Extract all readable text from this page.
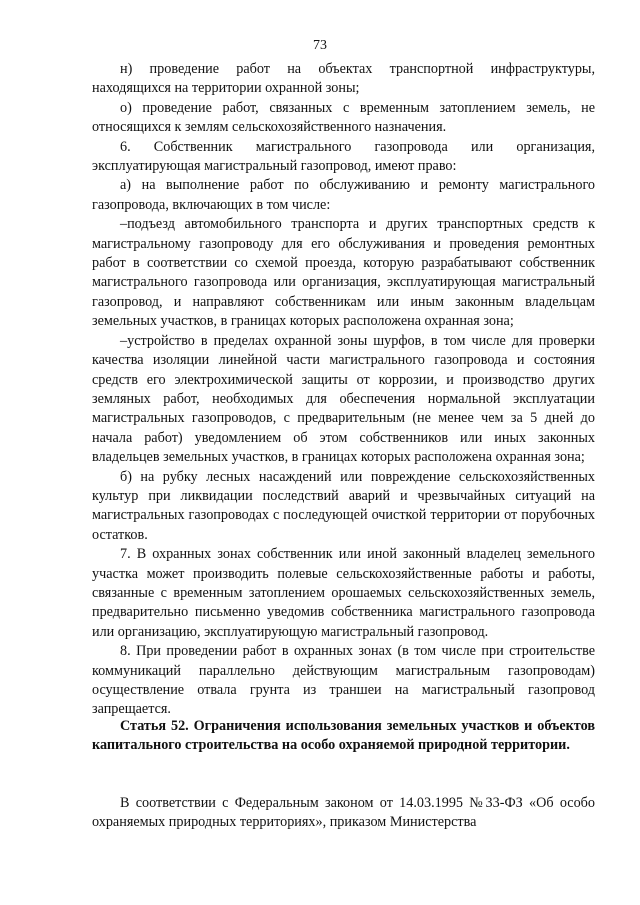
73

н) проведение работ на объектах транспортной инфраструктуры, находящихся на территории охранной зоны;

о) проведение работ, связанных с временным затоплением земель, не относящихся к землям сельскохозяйственного назначения.

6. Собственник магистрального газопровода или организация, эксплуатирующая магистральный газопровод, имеют право:

а) на выполнение работ по обслуживанию и ремонту магистрального газопровода, включающих в том числе:

–подъезд автомобильного транспорта и других транспортных средств к магистральному газопроводу для его обслуживания и проведения ремонтных работ в соответствии со схемой проезда, которую разрабатывают собственник магистрального газопровода или организация, эксплуатирующая магистральный газопровод, и направляют собственникам или иным законным владельцам земельных участков, в границах которых расположена охранная зона;

–устройство в пределах охранной зоны шурфов, в том числе для проверки качества изоляции линейной части магистрального газопровода и состояния средств его электрохимической защиты от коррозии, и производство других земляных работ, необходимых для обеспечения нормальной эксплуатации магистральных газопроводов, с предварительным (не менее чем за 5 дней до начала работ) уведомлением об этом собственников или иных законных владельцев земельных участков, в границах которых расположена охранная зона;

б) на рубку лесных насаждений или повреждение сельскохозяйственных культур при ликвидации последствий аварий и чрезвычайных ситуаций на магистральных газопроводах с последующей очисткой территории от порубочных остатков.

7. В охранных зонах собственник или иной законный владелец земельного участка может производить полевые сельскохозяйственные работы и работы, связанные с временным затоплением орошаемых сельскохозяйственных земель, предварительно письменно уведомив собственника магистрального газопровода или организацию, эксплуатирующую магистральный газопровод.

8. При проведении работ в охранных зонах (в том числе при строительстве коммуникаций параллельно действующим магистральным газопроводам) осуществление отвала грунта из траншеи на магистральный газопровод запрещается.

Статья 52. Ограничения использования земельных участков и объектов капитального строительства на особо охраняемой природной территории.

В соответствии с Федеральным законом от 14.03.1995 №33-ФЗ «Об особо охраняемых природных территориях», приказом Министерства
